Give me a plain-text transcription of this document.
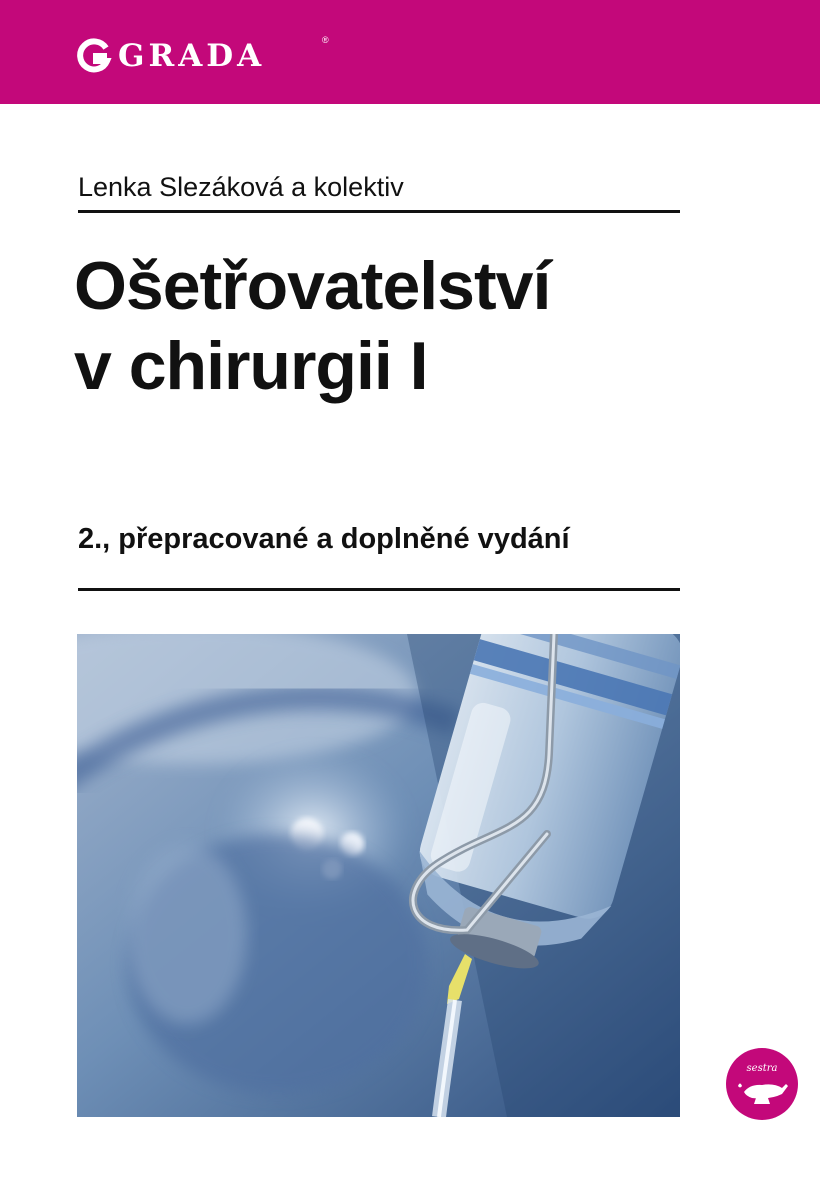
GRADA	®
Lenka Slezáková a kolektiv
Ošetřovatelství
v chirurgii I
2., přepracované a doplněné vydání
sestra
